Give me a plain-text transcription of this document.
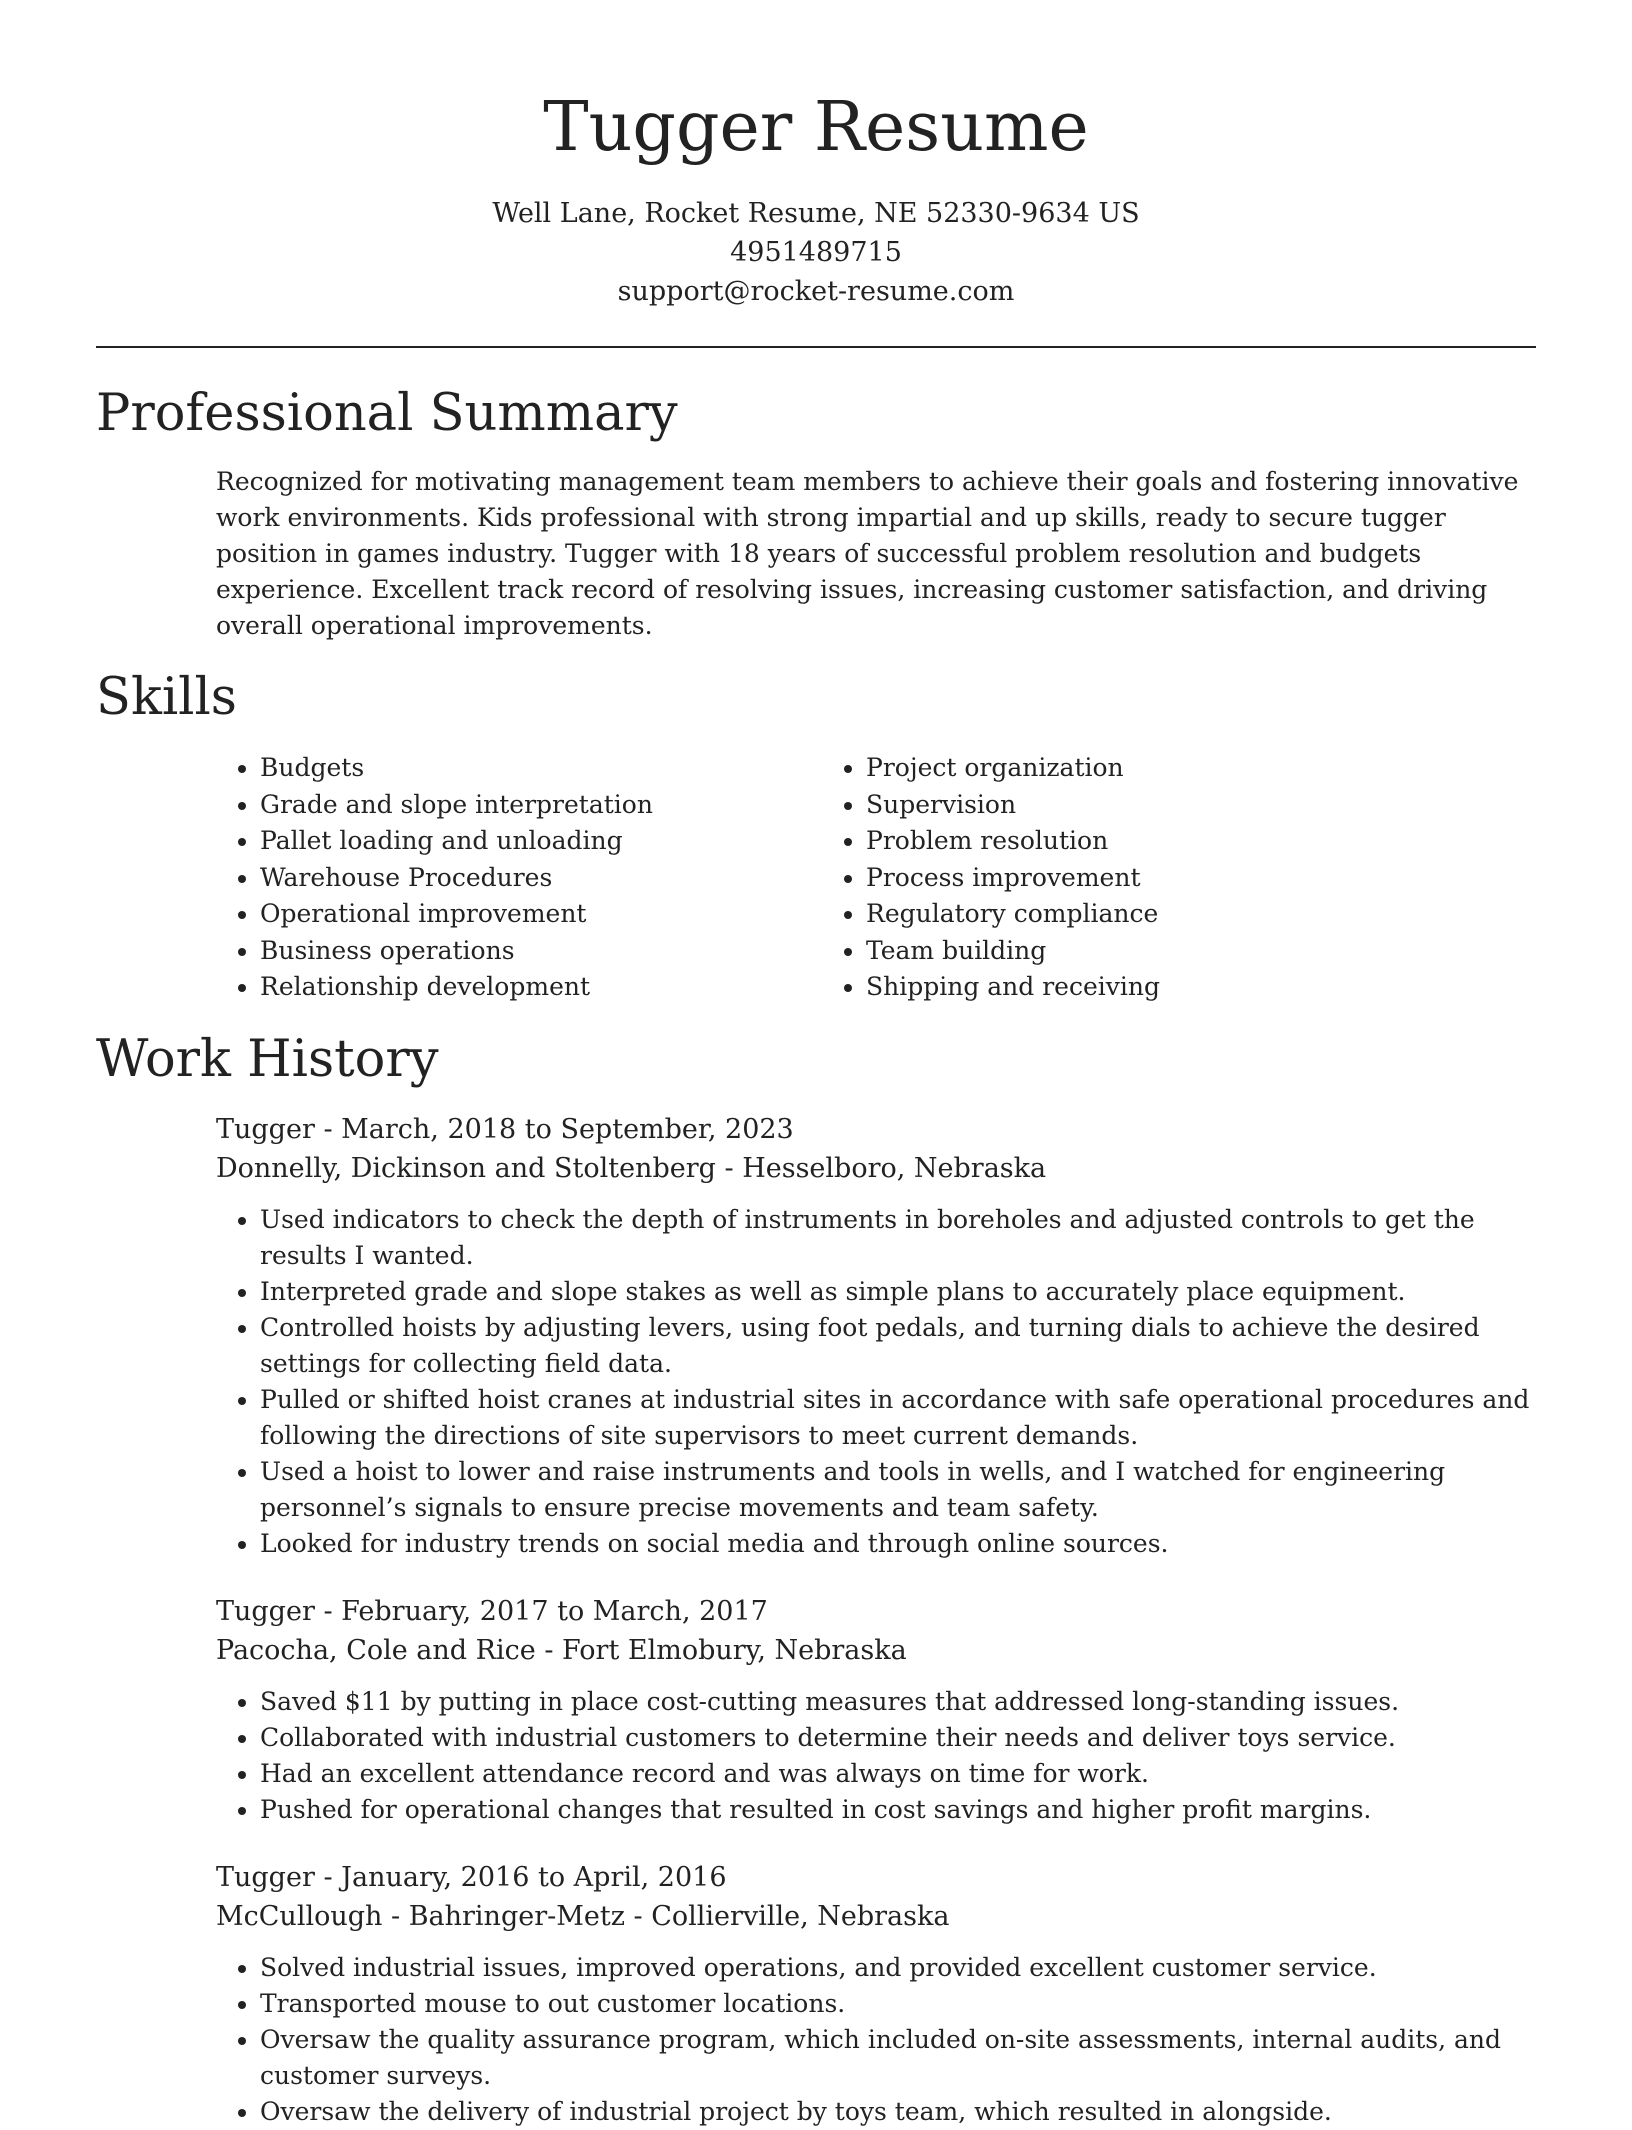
Tugger Resume
Well Lane, Rocket Resume, NE 52330-9634 US
4951489715
support@rocket-resume.com
Professional Summary

Recognized for motivating management team members to achieve their goals and fostering innovative work environments. Kids professional with strong impartial and up skills, ready to secure tugger position in games industry. Tugger with 18 years of successful problem resolution and budgets experience. Excellent track record of resolving issues, increasing customer satisfaction, and driving overall operational improvements.

Skills
• Budgets
• Grade and slope interpretation
• Pallet loading and unloading
• Warehouse Procedures
• Operational improvement
• Business operations
• Relationship development
• Project organization
• Supervision
• Problem resolution
• Process improvement
• Regulatory compliance
• Team building
• Shipping and receiving
Work History
Tugger - March, 2018 to September, 2023
Donnelly, Dickinson and Stoltenberg - Hesselboro, Nebraska
• Used indicators to check the depth of instruments in boreholes and adjusted controls to get the results I wanted.
• Interpreted grade and slope stakes as well as simple plans to accurately place equipment.
• Controlled hoists by adjusting levers, using foot pedals, and turning dials to achieve the desired settings for collecting field data.
• Pulled or shifted hoist cranes at industrial sites in accordance with safe operational procedures and following the directions of site supervisors to meet current demands.
• Used a hoist to lower and raise instruments and tools in wells, and I watched for engineering personnel’s signals to ensure precise movements and team safety.
• Looked for industry trends on social media and through online sources.
Tugger - February, 2017 to March, 2017
Pacocha, Cole and Rice - Fort Elmobury, Nebraska
• Saved $11 by putting in place cost-cutting measures that addressed long-standing issues.
• Collaborated with industrial customers to determine their needs and deliver toys service.
• Had an excellent attendance record and was always on time for work.
• Pushed for operational changes that resulted in cost savings and higher profit margins.
Tugger - January, 2016 to April, 2016
McCullough - Bahringer-Metz - Collierville, Nebraska
• Solved industrial issues, improved operations, and provided excellent customer service.
• Transported mouse to out customer locations.
• Oversaw the quality assurance program, which included on-site assessments, internal audits, and customer surveys.
• Oversaw the delivery of industrial project by toys team, which resulted in alongside.
